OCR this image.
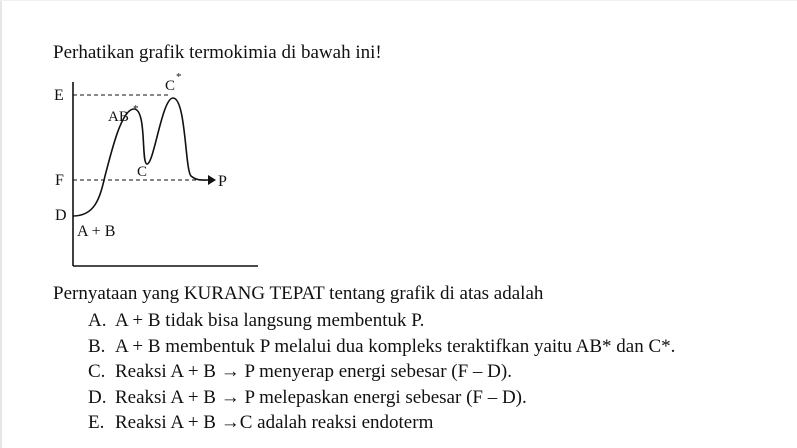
Perhatikan grafik termokimia di bawah ini!
E
F
D
C
*
AB *
C
P
A + B
Pernyataan yang KURANG TEPAT tentang grafik di atas adalah
A. A + B tidak bisa langsung membentuk P.
B. A + B membentuk P melalui dua kompleks teraktifkan yaitu AB* dan C*.
C. Reaksi A + B → P menyerap energi sebesar (F – D).
D. Reaksi A + B → P melepaskan energi sebesar (F – D).
E. Reaksi A + B →C adalah reaksi endoterm
